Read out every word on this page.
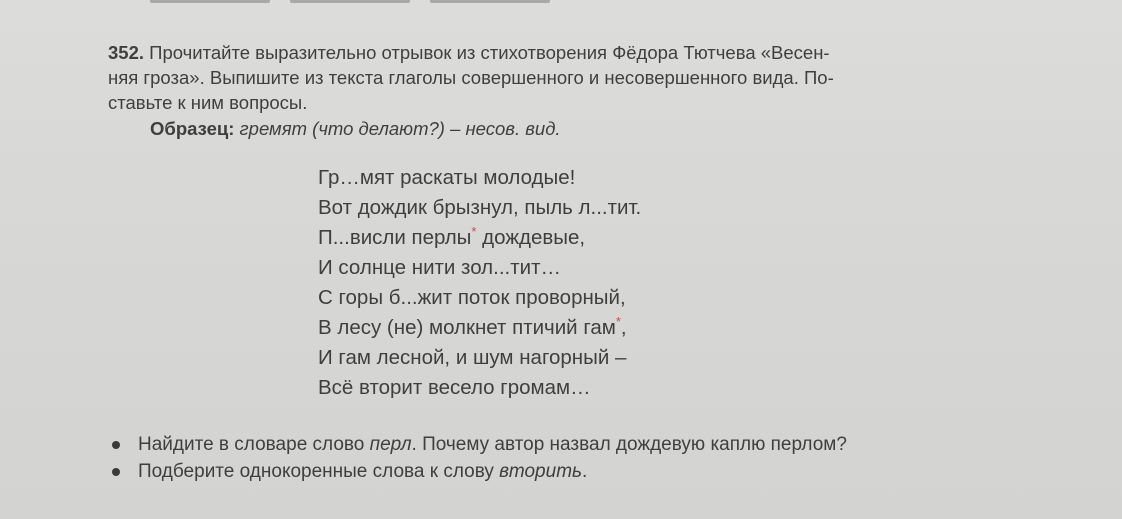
352. Прочитайте выразительно отрывок из стихотворения Фёдора Тютчева «Весен-

няя гроза». Выпишите из текста глаголы совершенного и несовершенного вида. По-

ставьте к ним вопросы.

Образец: гремят (что делают?) – несов. вид.
Гр…мят раскаты молодые!
Вот дождик брызнул, пыль л...тит.
П...висли перлы* дождевые,
И солнце нити зол...тит…
С горы б...жит поток проворный,
В лесу (не) молкнет птичий гам*,
И гам лесной, и шум нагорный –
Всё вторит весело громам…
Найдите в словаре слово перл. Почему автор назвал дождевую каплю перлом?
Подберите однокоренные слова к слову вторить.
